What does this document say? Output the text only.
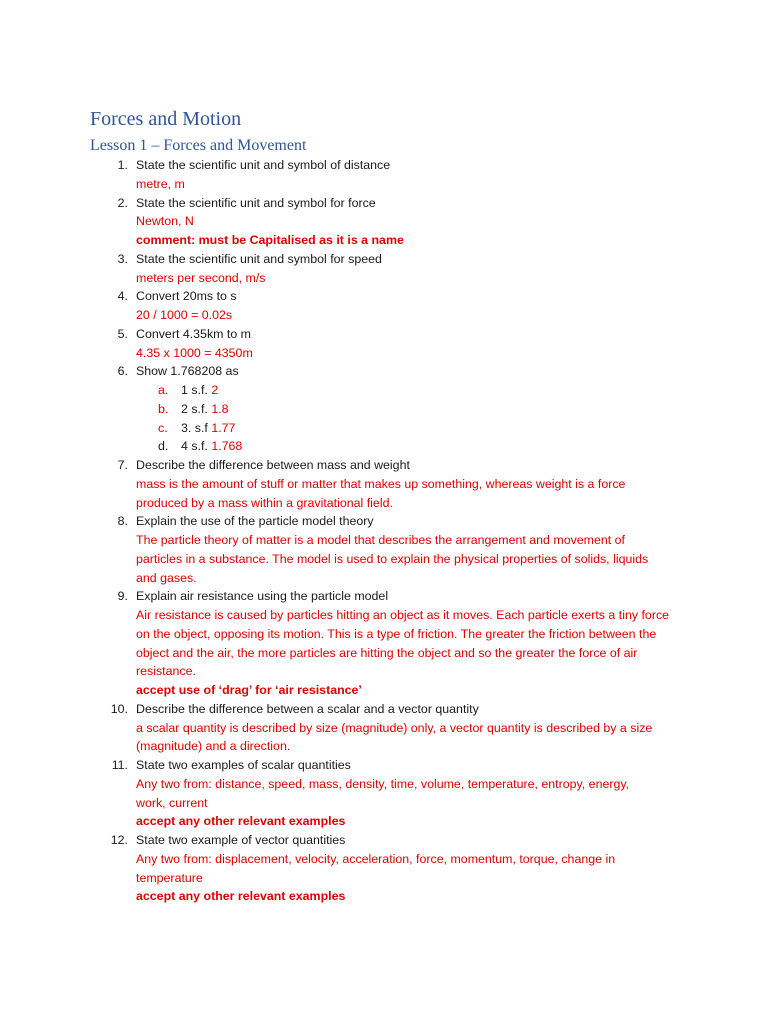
Forces and Motion
Lesson 1 – Forces and Movement
1. State the scientific unit and symbol of distance
metre, m
2. State the scientific unit and symbol for force
Newton, N
comment: must be Capitalised as it is a name
3. State the scientific unit and symbol for speed
meters per second, m/s
4. Convert 20ms to s
20 / 1000 = 0.02s
5. Convert 4.35km to m
4.35 x 1000 = 4350m
6. Show 1.768208 as
a. 1 s.f. 2
b. 2 s.f. 1.8
c. 3. s.f 1.77
d. 4 s.f. 1.768
7. Describe the difference between mass and weight
mass is the amount of stuff or matter that makes up something, whereas weight is a force
produced by a mass within a gravitational field.
8. Explain the use of the particle model theory
The particle theory of matter is a model that describes the arrangement and movement of
particles in a substance. The model is used to explain the physical properties of solids, liquids
and gases.
9. Explain air resistance using the particle model
Air resistance is caused by particles hitting an object as it moves. Each particle exerts a tiny force
on the object, opposing its motion. This is a type of friction. The greater the friction between the
object and the air, the more particles are hitting the object and so the greater the force of air
resistance.
accept use of ‘drag’ for ‘air resistance’
10. Describe the difference between a scalar and a vector quantity
a scalar quantity is described by size (magnitude) only, a vector quantity is described by a size
(magnitude) and a direction.
11. State two examples of scalar quantities
Any two from: distance, speed, mass, density, time, volume, temperature, entropy, energy,
work, current
accept any other relevant examples
12. State two example of vector quantities
Any two from: displacement, velocity, acceleration, force, momentum, torque, change in
temperature
accept any other relevant examples
